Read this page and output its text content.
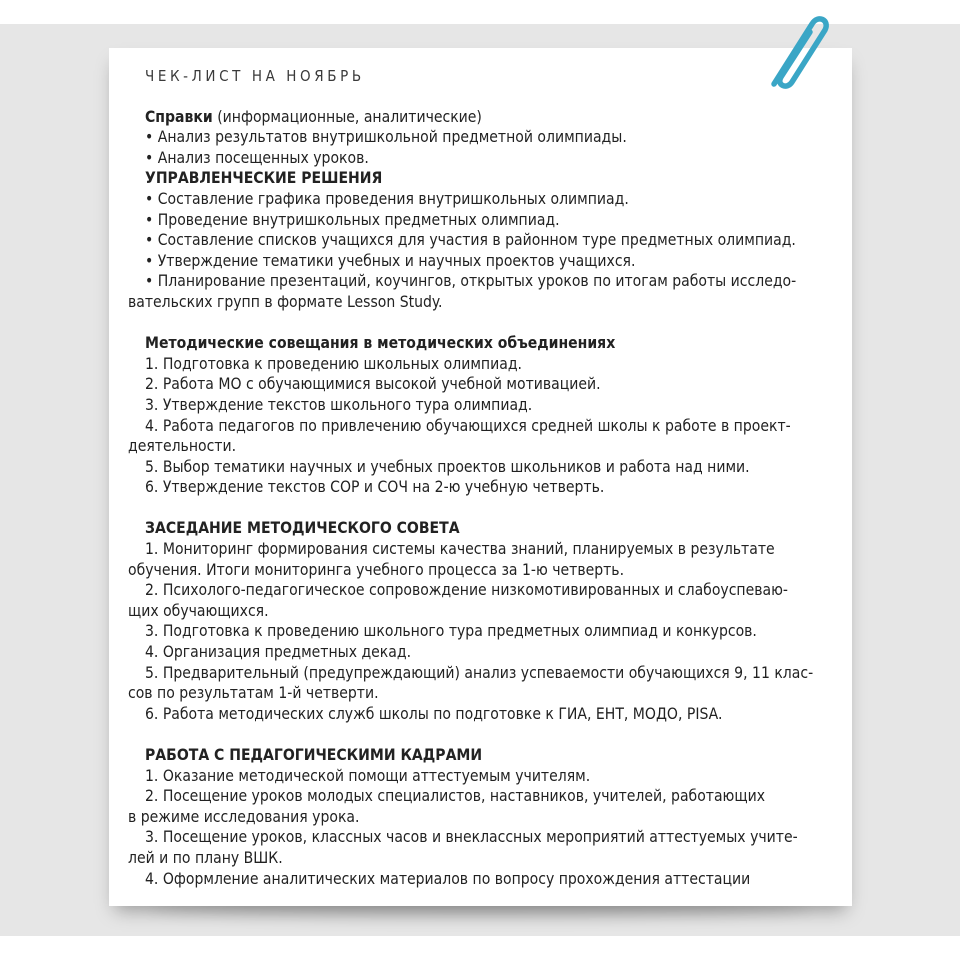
ЧЕК-ЛИСТ НА НОЯБРЬ
Справки (информационные, аналитические)
• Анализ результатов внутришкольной предметной олимпиады.
• Анализ посещенных уроков.
УПРАВЛЕНЧЕСКИЕ РЕШЕНИЯ
• Составление графика проведения внутришкольных олимпиад.
• Проведение внутришкольных предметных олимпиад.
• Составление списков учащихся для участия в районном туре предметных олимпиад.
• Утверждение тематики учебных и научных проектов учащихся.
• Планирование презентаций, коучингов, открытых уроков по итогам работы исследо-
вательских групп в формате Lesson Study.
Методические совещания в методических объединениях
1. Подготовка к проведению школьных олимпиад.
2. Работа МО с обучающимися высокой учебной мотивацией.
3. Утверждение текстов школьного тура олимпиад.
4. Работа педагогов по привлечению обучающихся средней школы к работе в проект-
деятельности.
5. Выбор тематики научных и учебных проектов школьников и работа над ними.
6. Утверждение текстов СОР и СОЧ на 2-ю учебную четверть.
ЗАСЕДАНИЕ МЕТОДИЧЕСКОГО СОВЕТА
1. Мониторинг формирования системы качества знаний, планируемых в результате
обучения. Итоги мониторинга учебного процесса за 1-ю четверть.
2. Психолого-педагогическое сопровождение низкомотивированных и слабоуспеваю-
щих обучающихся.
3. Подготовка к проведению школьного тура предметных олимпиад и конкурсов.
4. Организация предметных декад.
5. Предварительный (предупреждающий) анализ успеваемости обучающихся 9, 11 клас-
сов по результатам 1-й четверти.
6. Работа методических служб школы по подготовке к ГИА, ЕНТ, МОДО, PISA.
РАБОТА С ПЕДАГОГИЧЕСКИМИ КАДРАМИ
1. Оказание методической помощи аттестуемым учителям.
2. Посещение уроков молодых специалистов, наставников, учителей, работающих
в режиме исследования урока.
3. Посещение уроков, классных часов и внеклассных мероприятий аттестуемых учите-
лей и по плану ВШК.
4. Оформление аналитических материалов по вопросу прохождения аттестации
